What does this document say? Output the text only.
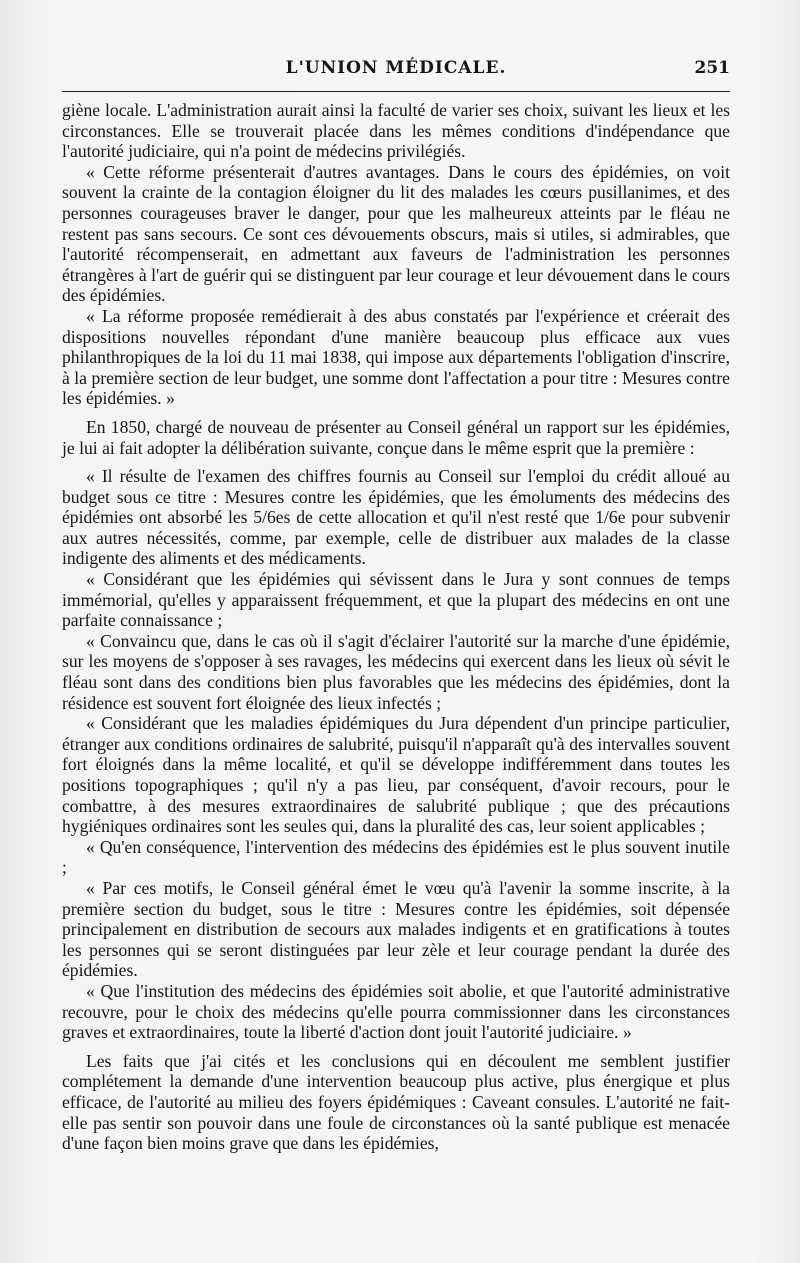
L'UNION MÉDICALE.	251

giène locale. L'administration aurait ainsi la faculté de varier ses choix, suivant les lieux et les circonstances. Elle se trouverait placée dans les mêmes conditions d'indépendance que l'autorité judiciaire, qui n'a point de médecins privilégiés.

« Cette réforme présenterait d'autres avantages. Dans le cours des épidémies, on voit souvent la crainte de la contagion éloigner du lit des malades les cœurs pusillanimes, et des personnes courageuses braver le danger, pour que les malheureux atteints par le fléau ne restent pas sans secours. Ce sont ces dévouements obscurs, mais si utiles, si admirables, que l'autorité récompenserait, en admettant aux faveurs de l'administration les personnes étrangères à l'art de guérir qui se distinguent par leur courage et leur dévouement dans le cours des épidémies.

« La réforme proposée remédierait à des abus constatés par l'expérience et créerait des dispositions nouvelles répondant d'une manière beaucoup plus efficace aux vues philanthropiques de la loi du 11 mai 1838, qui impose aux départements l'obligation d'inscrire, à la première section de leur budget, une somme dont l'affectation a pour titre : Mesures contre les épidémies. »

En 1850, chargé de nouveau de présenter au Conseil général un rapport sur les épidémies, je lui ai fait adopter la délibération suivante, conçue dans le même esprit que la première :

« Il résulte de l'examen des chiffres fournis au Conseil sur l'emploi du crédit alloué au budget sous ce titre : Mesures contre les épidémies, que les émoluments des médecins des épidémies ont absorbé les 5/6es de cette allocation et qu'il n'est resté que 1/6e pour subvenir aux autres nécessités, comme, par exemple, celle de distribuer aux malades de la classe indigente des aliments et des médicaments.

« Considérant que les épidémies qui sévissent dans le Jura y sont connues de temps immémorial, qu'elles y apparaissent fréquemment, et que la plupart des médecins en ont une parfaite connaissance ;

« Convaincu que, dans le cas où il s'agit d'éclairer l'autorité sur la marche d'une épidémie, sur les moyens de s'opposer à ses ravages, les médecins qui exercent dans les lieux où sévit le fléau sont dans des conditions bien plus favorables que les médecins des épidémies, dont la résidence est souvent fort éloignée des lieux infectés ;

« Considérant que les maladies épidémiques du Jura dépendent d'un principe particulier, étranger aux conditions ordinaires de salubrité, puisqu'il n'apparaît qu'à des intervalles souvent fort éloignés dans la même localité, et qu'il se développe indifféremment dans toutes les positions topographiques ; qu'il n'y a pas lieu, par conséquent, d'avoir recours, pour le combattre, à des mesures extraordinaires de salubrité publique ; que des précautions hygiéniques ordinaires sont les seules qui, dans la pluralité des cas, leur soient applicables ;

« Qu'en conséquence, l'intervention des médecins des épidémies est le plus souvent inutile ;

« Par ces motifs, le Conseil général émet le vœu qu'à l'avenir la somme inscrite, à la première section du budget, sous le titre : Mesures contre les épidémies, soit dépensée principalement en distribution de secours aux malades indigents et en gratifications à toutes les personnes qui se seront distinguées par leur zèle et leur courage pendant la durée des épidémies.

« Que l'institution des médecins des épidémies soit abolie, et que l'autorité administrative recouvre, pour le choix des médecins qu'elle pourra commissionner dans les circonstances graves et extraordinaires, toute la liberté d'action dont jouit l'autorité judiciaire. »

Les faits que j'ai cités et les conclusions qui en découlent me semblent justifier complétement la demande d'une intervention beaucoup plus active, plus énergique et plus efficace, de l'autorité au milieu des foyers épidémiques : Caveant consules. L'autorité ne fait-elle pas sentir son pouvoir dans une foule de circonstances où la santé publique est menacée d'une façon bien moins grave que dans les épidémies,
